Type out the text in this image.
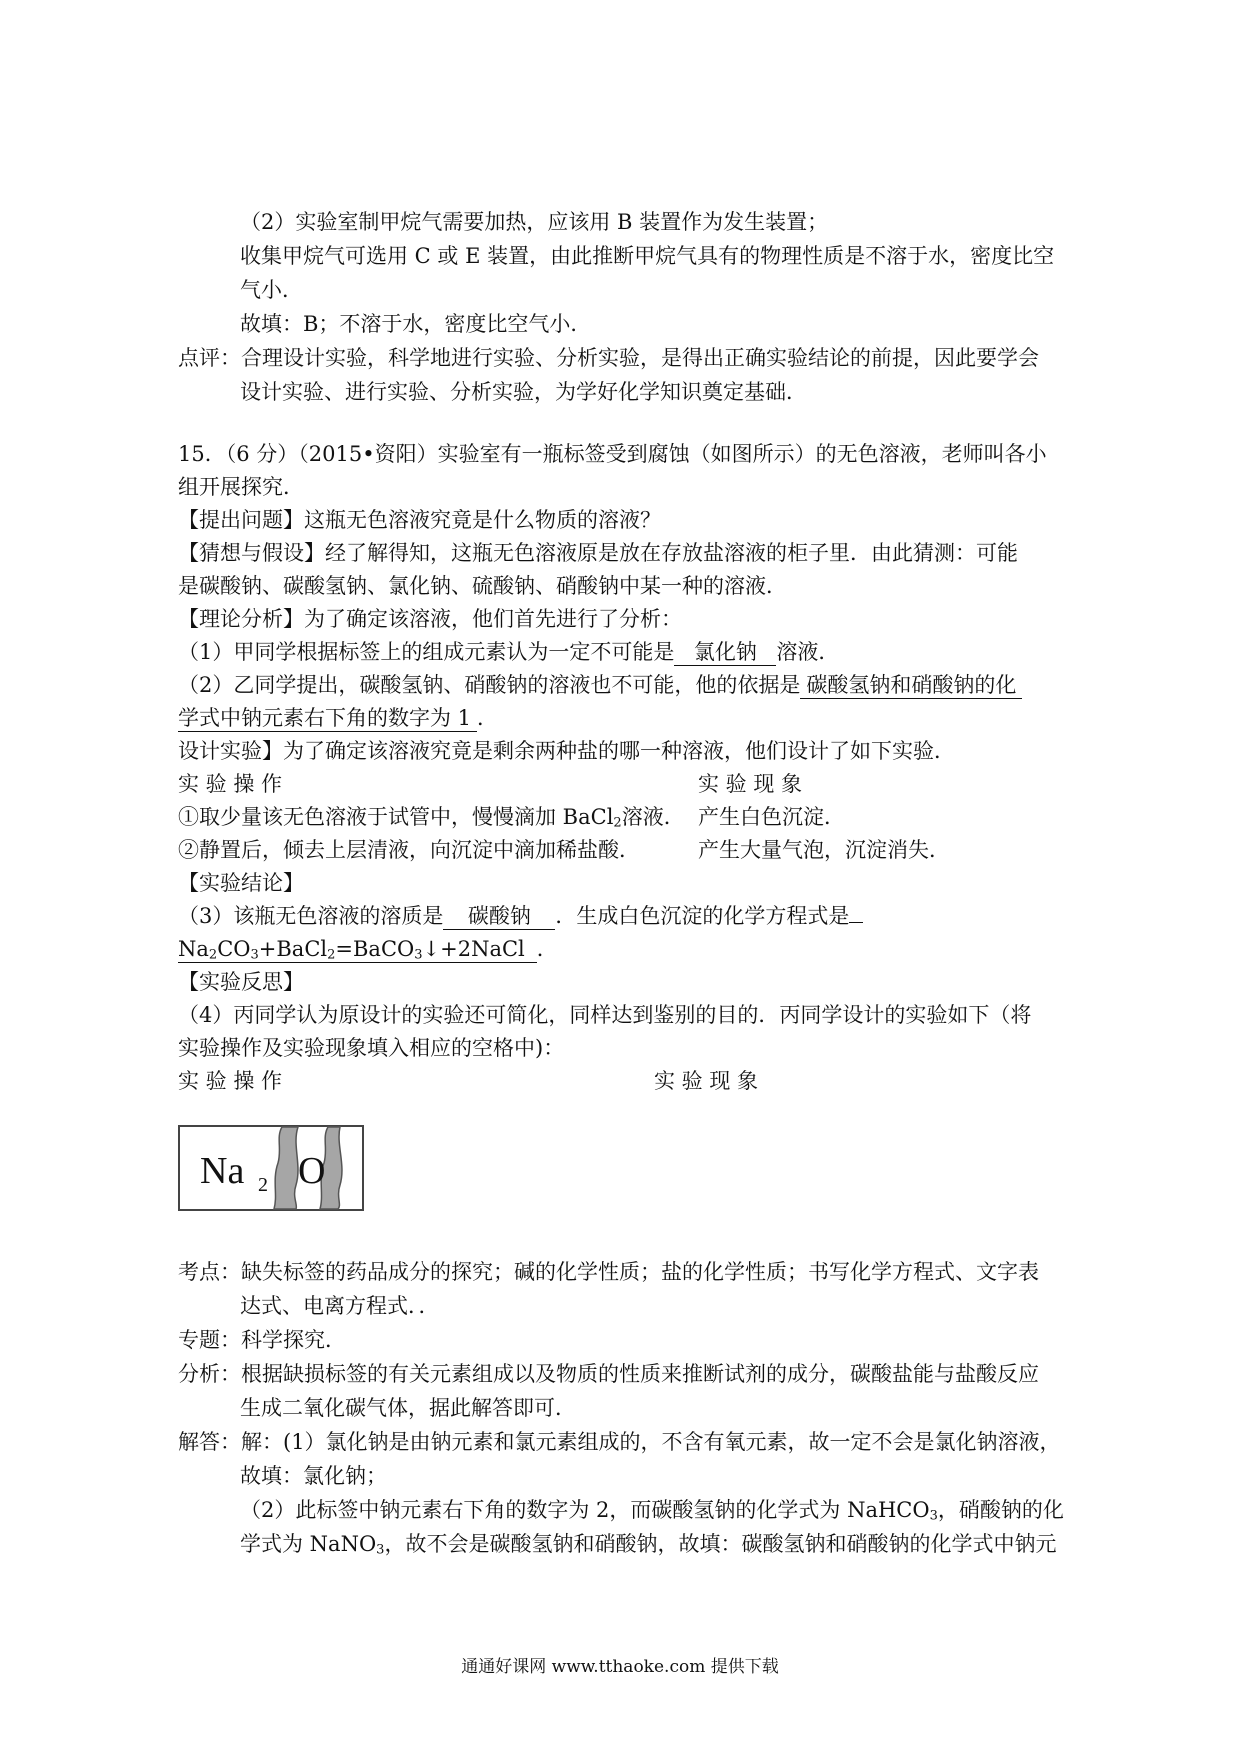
（2）实验室制甲烷气需要加热，应该用 B 装置作为发生装置；
收集甲烷气可选用 C 或 E 装置，由此推断甲烷气具有的物理性质是不溶于水，密度比空
气小．
故填：B；不溶于水，密度比空气小．
点评：合理设计实验，科学地进行实验、分析实验，是得出正确实验结论的前提，因此要学会
设计实验、进行实验、分析实验，为学好化学知识奠定基础．
15．（6 分）（2015•资阳）实验室有一瓶标签受到腐蚀（如图所示）的无色溶液，老师叫各小
组开展探究．
【提出问题】这瓶无色溶液究竟是什么物质的溶液？
【猜想与假设】经了解得知，这瓶无色溶液原是放在存放盐溶液的柜子里．由此猜测：可能
是碳酸钠、碳酸氢钠、氯化钠、硫酸钠、硝酸钠中某一种的溶液．
【理论分析】为了确定该溶液，他们首先进行了分析：
（1）甲同学根据标签上的组成元素认为一定不可能是 氯化钠 溶液．
（2）乙同学提出，碳酸氢钠、硝酸钠的溶液也不可能，他的依据是 碳酸氢钠和硝酸钠的化
学式中钠元素右下角的数字为 1 ．
设计实验】为了确定该溶液究竟是剩余两种盐的哪一种溶液，他们设计了如下实验．
实 验 操 作	实 验 现 象
①取少量该无色溶液于试管中，慢慢滴加 BaCl$_2$溶液． 产生白色沉淀．
②静置后，倾去上层清液，向沉淀中滴加稀盐酸．	产生大量气泡，沉淀消失．
【实验结论】
（3）该瓶无色溶液的溶质是 碳酸钠 ．生成白色沉淀的化学方程式是
$Na_2CO_3+BaCl_2=BaCO_3↓+2NaCl$ ．
【实验反思】
（4）丙同学认为原设计的实验还可简化，同样达到鉴别的目的．丙同学设计的实验如下（将
实验操作及实验现象填入相应的空格中)：
实 验 操 作	实 验 现 象
Na 2 O
考点：缺失标签的药品成分的探究；碱的化学性质；盐的化学性质；书写化学方程式、文字表
达式、电离方程式．．
专题：科学探究．
分析：根据缺损标签的有关元素组成以及物质的性质来推断试剂的成分，碳酸盐能与盐酸反应
生成二氧化碳气体，据此解答即可．
解答：解：(1）氯化钠是由钠元素和氯元素组成的，不含有氧元素，故一定不会是氯化钠溶液，
故填：氯化钠；
（2）此标签中钠元素右下角的数字为 2，而碳酸氢钠的化学式为 NaHCO$_3$，硝酸钠的化
学式为 NaNO$_3$，故不会是碳酸氢钠和硝酸钠，故填：碳酸氢钠和硝酸钠的化学式中钠元
通通好课网 www.tthaoke.com 提供下载
